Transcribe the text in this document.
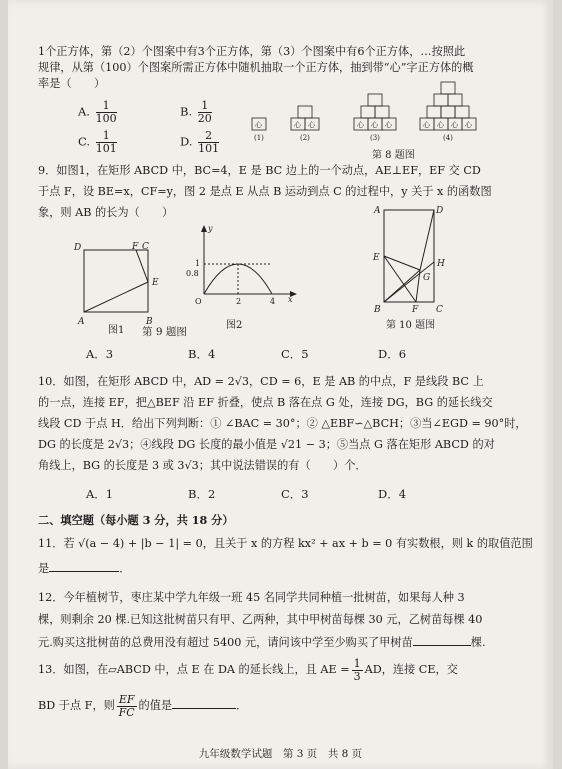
1个正方体，第（2）个图案中有3个正方体，第（3）个图案中有6个正方体，…按照此
规律，从第（100）个图案所需正方体中随机抽取一个正方体，抽到带“心”字正方体的概
率是（　　）
A. $\frac{1}{100}$	B. $\frac{1}{20}$
C. $\frac{1}{101}$	D. $\frac{2}{101}$
心	心 心	心 心 心	心 心 心 心
(1)	(2)	(3)	(4)
第 8 题图
9．如图1，在矩形 ABCD 中，BC=4，E 是 BC 边上的一个动点，AE⊥EF，EF 交 CD
于点 F，设 BE=x，CF=y，图 2 是点 E 从点 B 运动到点 C 的过程中，y 关于 x 的函数图
象，则 AB 的长为（　　）
D	F C
E
A	B
图1
y
x
O
1
0.8
2	4
图2
第 9 题图
A	D
E
H
G
B	F C
第 10 题图
A．3	B．4	C．5	D．6
10．如图，在矩形 ABCD 中，AD = 2√3，CD = 6，E 是 AB 的中点，F 是线段 BC 上
的一点，连接 EF，把△BEF 沿 EF 折叠，使点 B 落在点 G 处，连接 DG，BG 的延长线交
线段 CD 于点 H．给出下列判断：① ∠BAC = 30°；② △EBF∽△BCH；③当∠EGD = 90°时，
DG 的长度是 2√3；④线段 DG 长度的最小值是 √21 − 3；⑤当点 G 落在矩形 ABCD 的对
角线上，BG 的长度是 3 或 3√3；其中说法错误的有（　　）个．
A．1	B．2	C．3	D．4
二、填空题（每小题 3 分，共 18 分）
11．若 √(a − 4) + |b − 1| = 0，且关于 x 的方程 kx² + ax + b = 0 有实数根，则 k 的取值范围
是	．
12．今年植树节，枣庄某中学九年级一班 45 名同学共同种植一批树苗，如果每人种 3
棵，则剩余 20 棵.已知这批树苗只有甲、乙两种，其中甲树苗每棵 30 元，乙树苗每棵 40
元.购买这批树苗的总费用没有超过 5400 元，请问该中学至少购买了甲树苗	棵.
13．如图，在▱ABCD 中，点 E 在 DA 的延长线上，且 AE = $\frac{1}{3}$ AD，连接 CE，交
BD 于点 F，则 $\frac{EF}{FC}$ 的值是	．
九年级数学试题　第 3 页　共 8 页
